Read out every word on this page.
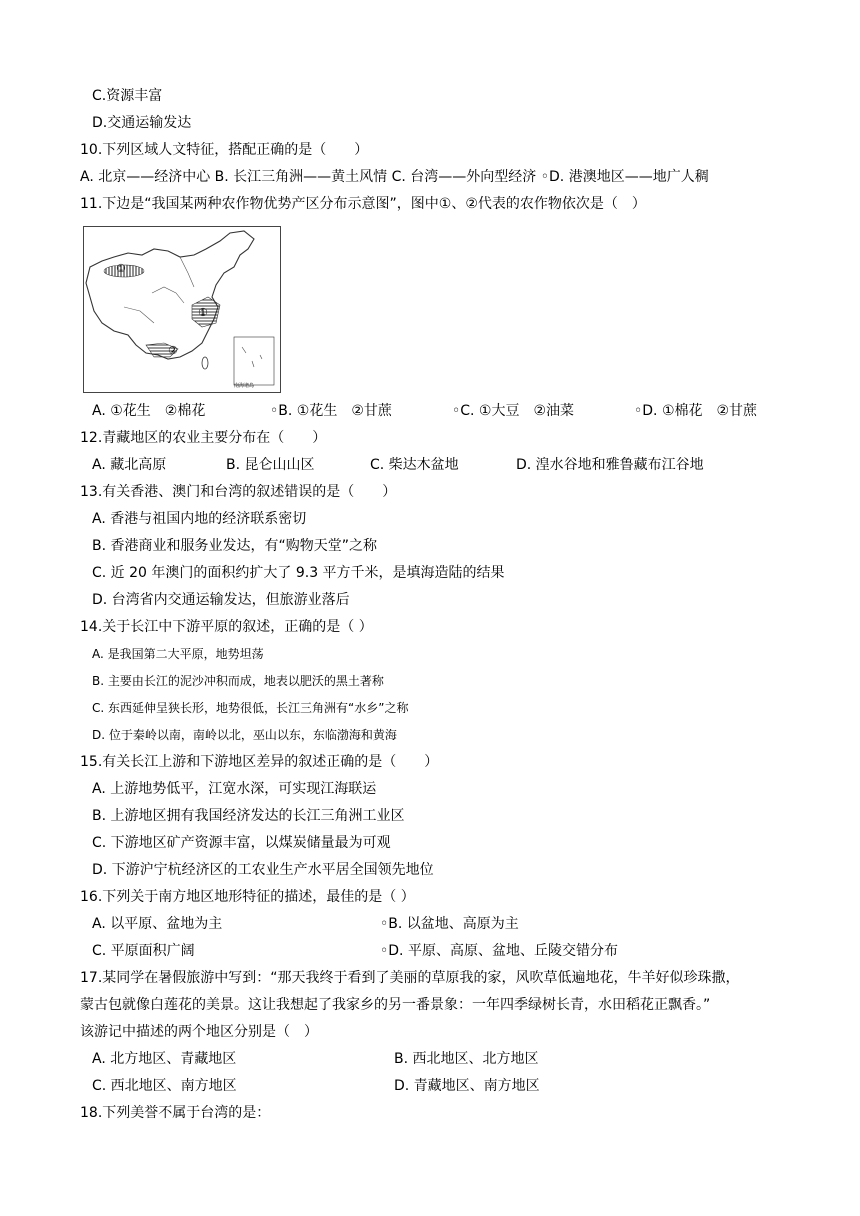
C.资源丰富
D.交通运输发达
10.下列区域人文特征，搭配正确的是（　　）
A. 北京——经济中心 B. 长江三角洲——黄土风情 C. 台湾——外向型经济 ◦D. 港澳地区——地广人稠
11.下边是“我国某两种农作物优势产区分布示意图”，图中①、②代表的农作物依次是（　）
①
①
②
南海诸岛
A. ①花生　②棉花	◦B. ①花生　②甘蔗	◦C. ①大豆　②油菜	◦D. ①棉花　②甘蔗
12.青藏地区的农业主要分布在（　　）
A. 藏北高原	B. 昆仑山山区	C. 柴达木盆地	D. 湟水谷地和雅鲁藏布江谷地
13.有关香港、澳门和台湾的叙述错误的是（　　）
A. 香港与祖国内地的经济联系密切
B. 香港商业和服务业发达，有“购物天堂”之称
C. 近 20 年澳门的面积约扩大了 9.3 平方千米，是填海造陆的结果
D. 台湾省内交通运输发达，但旅游业落后
14.关于长江中下游平原的叙述，正确的是（ ）
A. 是我国第二大平原，地势坦荡
B. 主要由长江的泥沙冲积而成，地表以肥沃的黑土著称
C. 东西延伸呈狭长形，地势很低，长江三角洲有“水乡”之称
D. 位于秦岭以南，南岭以北，巫山以东，东临渤海和黄海
15.有关长江上游和下游地区差异的叙述正确的是（　　）
A. 上游地势低平，江宽水深，可实现江海联运
B. 上游地区拥有我国经济发达的长江三角洲工业区
C. 下游地区矿产资源丰富，以煤炭储量最为可观
D. 下游沪宁杭经济区的工农业生产水平居全国领先地位
16.下列关于南方地区地形特征的描述，最佳的是（ ）
A. 以平原、盆地为主	◦B. 以盆地、高原为主
C. 平原面积广阔	◦D. 平原、高原、盆地、丘陵交错分布
17.某同学在暑假旅游中写到：“那天我终于看到了美丽的草原我的家，风吹草低遍地花，牛羊好似珍珠撒，
蒙古包就像白莲花的美景。这让我想起了我家乡的另一番景象：一年四季绿树长青，水田稻花正飘香。”
该游记中描述的两个地区分别是（　）
A. 北方地区、青藏地区	B. 西北地区、北方地区
C. 西北地区、南方地区	D. 青藏地区、南方地区
18.下列美誉不属于台湾的是：
